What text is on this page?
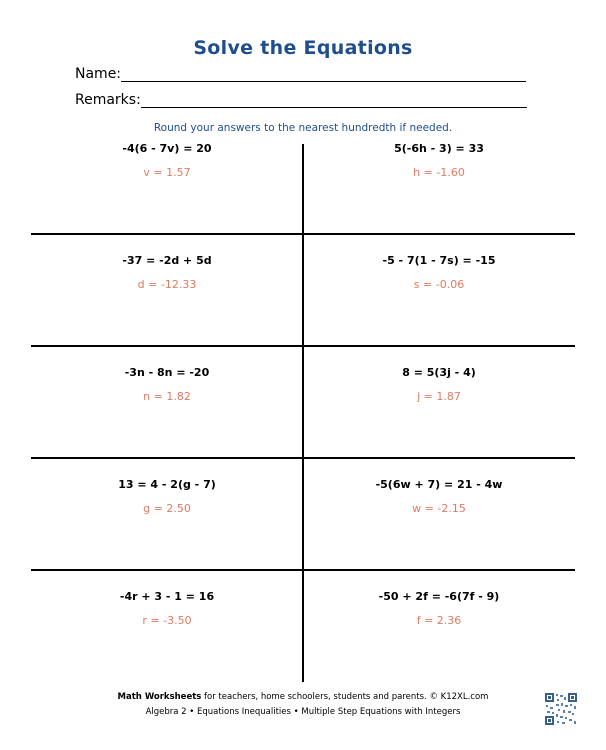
Solve the Equations
Name:
Remarks:
Round your answers to the nearest hundredth if needed.
-4(6 - 7v) = 20
v = 1.57
5(-6h - 3) = 33
h = -1.60
-37 = -2d + 5d
d = -12.33
-5 - 7(1 - 7s) = -15
s = -0.06
-3n - 8n = -20
n = 1.82
8 = 5(3j - 4)
j = 1.87
13 = 4 - 2(g - 7)
g = 2.50
-5(6w + 7) = 21 - 4w
w = -2.15
-4r + 3 - 1 = 16
r = -3.50
-50 + 2f = -6(7f - 9)
f = 2.36
Math Worksheets for teachers, home schoolers, students and parents. © K12XL.com
Algebra 2 • Equations Inequalities • Multiple Step Equations with Integers
